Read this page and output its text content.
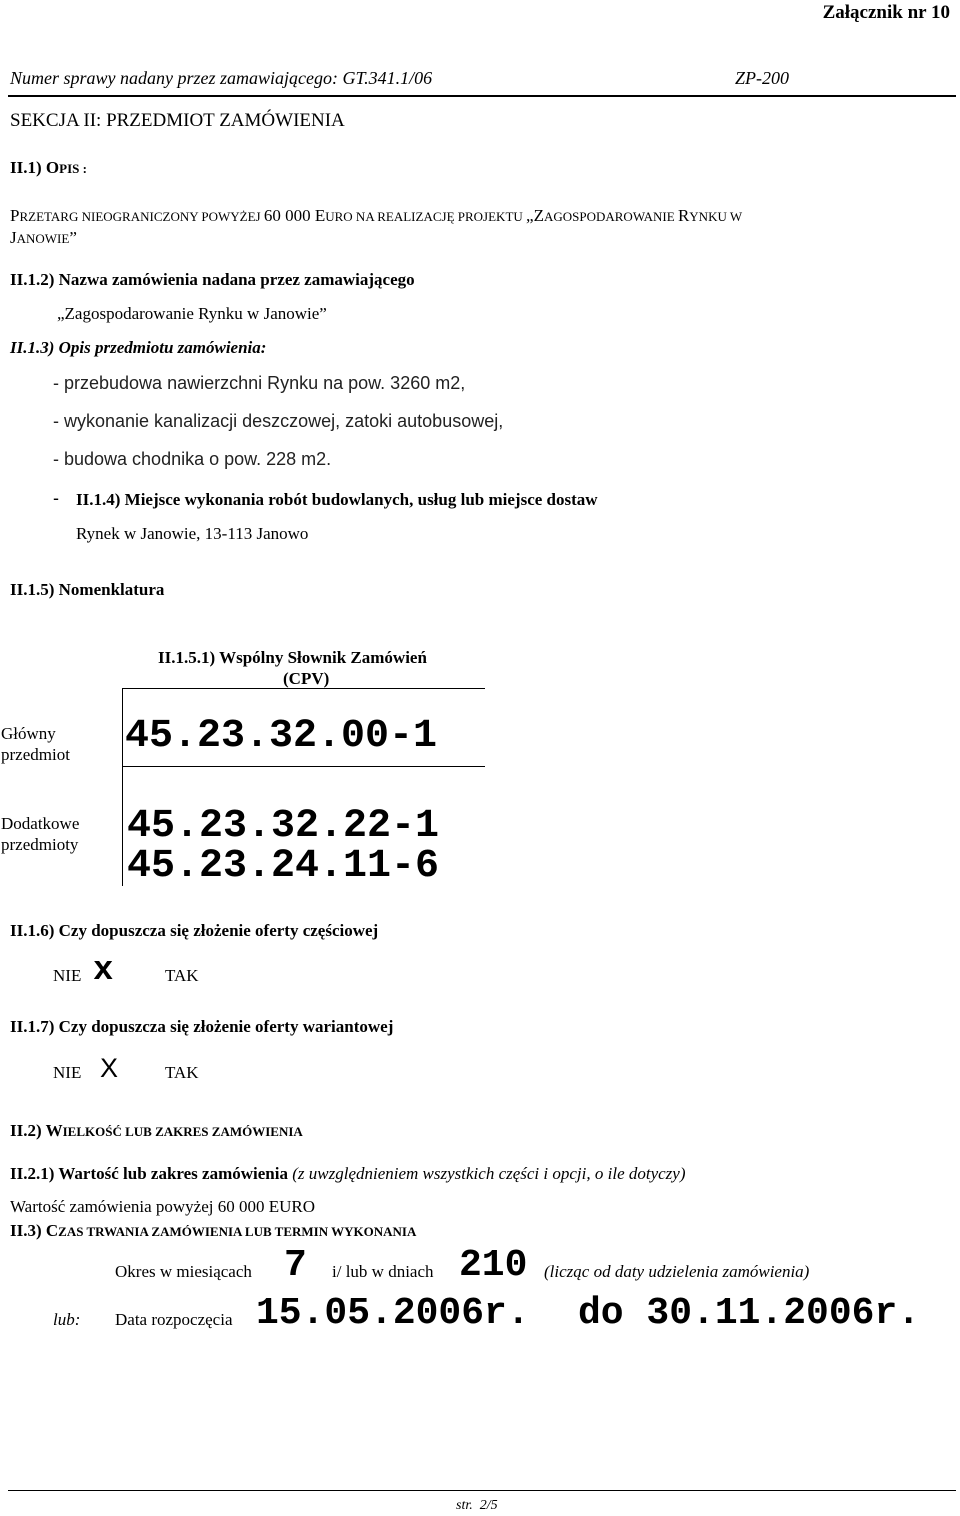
Załącznik nr 10
Numer sprawy nadany przez zamawiającego: GT.341.1/06	ZP-200
SEKCJA II: PRZEDMIOT ZAMÓWIENIA
II.1) OPIS :
PRZETARG NIEOGRANICZONY POWYŻEJ 60 000 EURO NA REALIZACJĘ PROJEKTU „ZAGOSPODAROWANIE RYNKU W
JANOWIE”
II.1.2) Nazwa zamówienia nadana przez zamawiającego
„Zagospodarowanie Rynku w Janowie”
II.1.3) Opis przedmiotu zamówienia:
- przebudowa nawierzchni Rynku na pow. 3260 m2,
- wykonanie kanalizacji deszczowej, zatoki autobusowej,
- budowa chodnika o pow. 228 m2.
- II.1.4) Miejsce wykonania robót budowlanych, usług lub miejsce dostaw
Rynek w Janowie, 13-113 Janowo
II.1.5) Nomenklatura
II.1.5.1) Wspólny Słownik Zamówień
(CPV)
Główny
przedmiot 45.23.32.00-1
Dodatkowe
przedmioty 45.23.32.22-1
45.23.24.11-6
II.1.6) Czy dopuszcza się złożenie oferty częściowej
NIE x	TAK
II.1.7) Czy dopuszcza się złożenie oferty wariantowej
NIE X	TAK
II.2) WIELKOŚĆ LUB ZAKRES ZAMÓWIENIA
II.2.1) Wartość lub zakres zamówienia (z uwzględnieniem wszystkich części i opcji, o ile dotyczy)
Wartość zamówienia powyżej 60 000 EURO
II.3) CZAS TRWANIA ZAMÓWIENIA LUB TERMIN WYKONANIA
Okres w miesiącach 7 i/ lub w dniach 210 (licząc od daty udzielenia zamówienia)
lub: Data rozpoczęcia 15.05.2006r. do 30.11.2006r.
str. 2/5
